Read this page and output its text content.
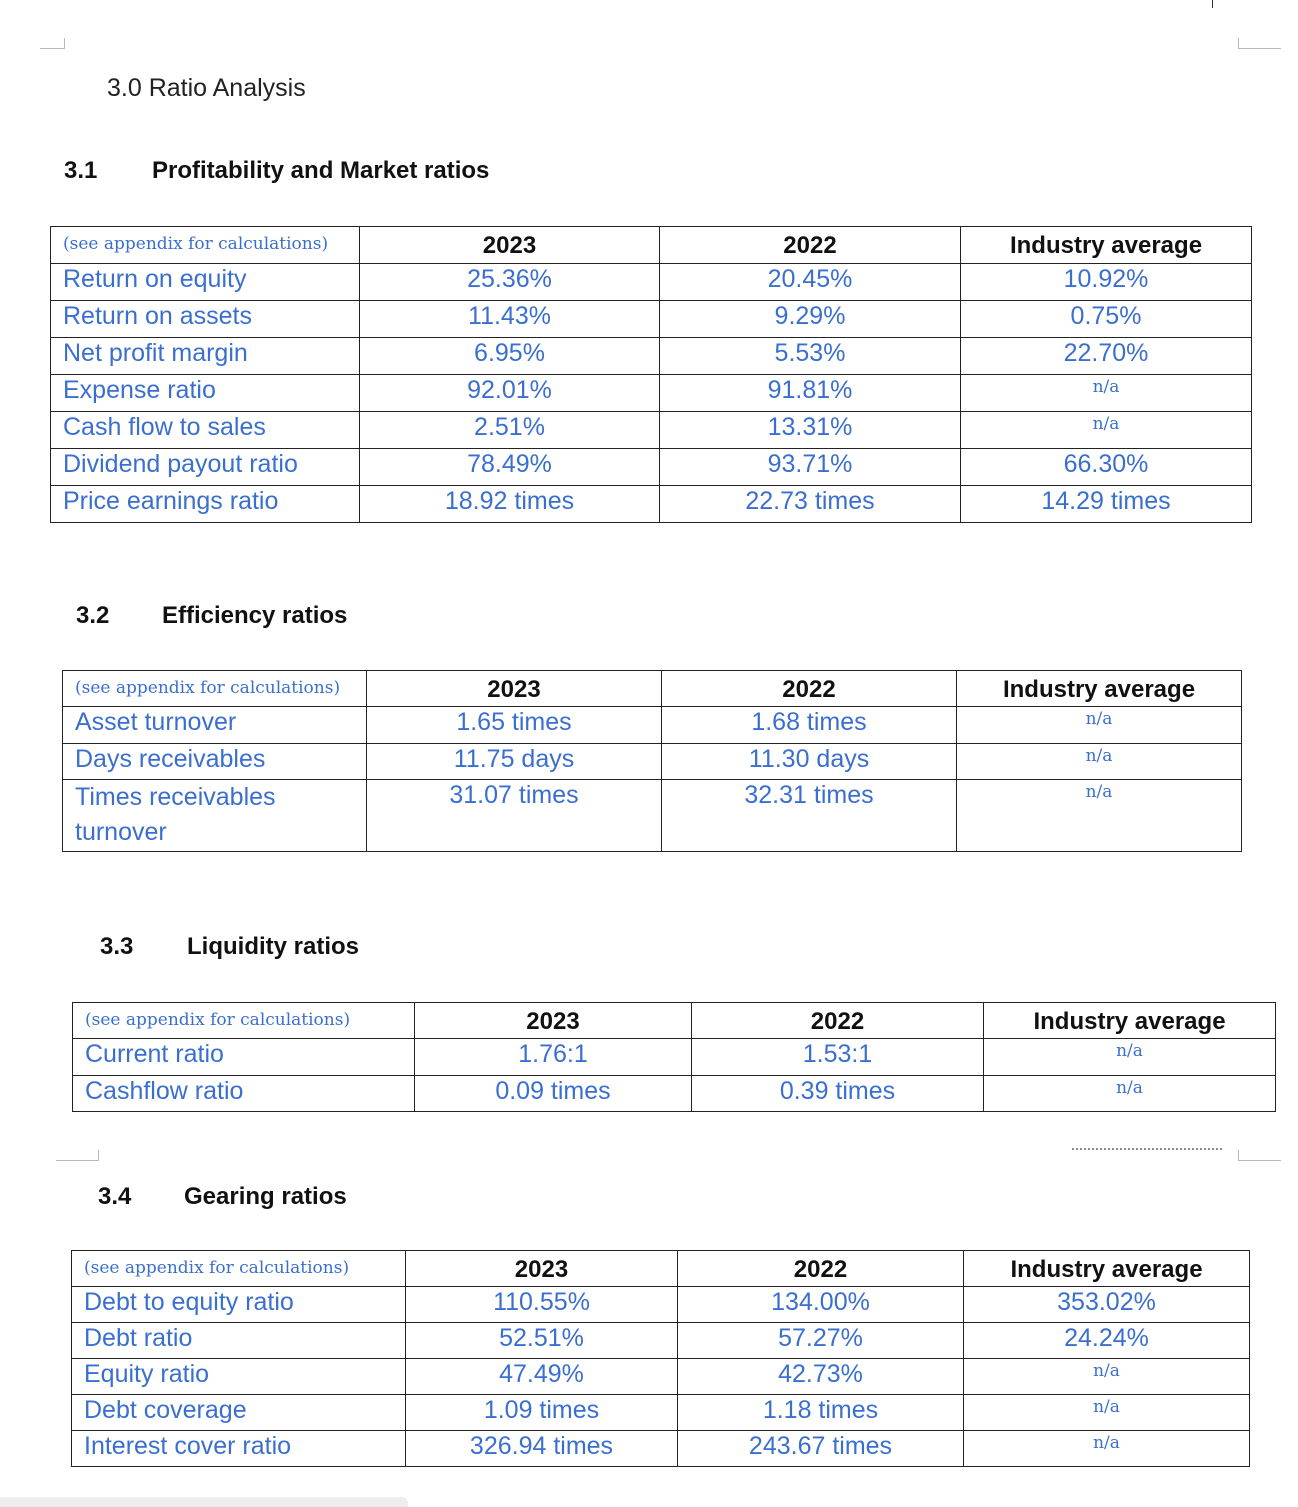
3.0 Ratio Analysis
3.1 Profitability and Market ratios
(see appendix for calculations)	2023	2022	Industry average
Return on equity	25.36%	20.45%	10.92%
Return on assets	11.43%	9.29%	0.75%
Net profit margin	6.95%	5.53%	22.70%
Expense ratio	92.01%	91.81%	n/a
Cash flow to sales	2.51%	13.31%	n/a
Dividend payout ratio	78.49%	93.71%	66.30%
Price earnings ratio	18.92 times	22.73 times	14.29 times
3.2 Efficiency ratios
(see appendix for calculations)	2023	2022	Industry average
Asset turnover	1.65 times	1.68 times	n/a
Days receivables	11.75 days	11.30 days	n/a
Times receivables turnover	31.07 times	32.31 times	n/a
3.3 Liquidity ratios
(see appendix for calculations)	2023	2022	Industry average
Current ratio	1.76:1	1.53:1	n/a
Cashflow ratio	0.09 times	0.39 times	n/a
3.4 Gearing ratios
(see appendix for calculations)	2023	2022	Industry average
Debt to equity ratio	110.55%	134.00%	353.02%
Debt ratio	52.51%	57.27%	24.24%
Equity ratio	47.49%	42.73%	n/a
Debt coverage	1.09 times	1.18 times	n/a
Interest cover ratio	326.94 times	243.67 times	n/a
